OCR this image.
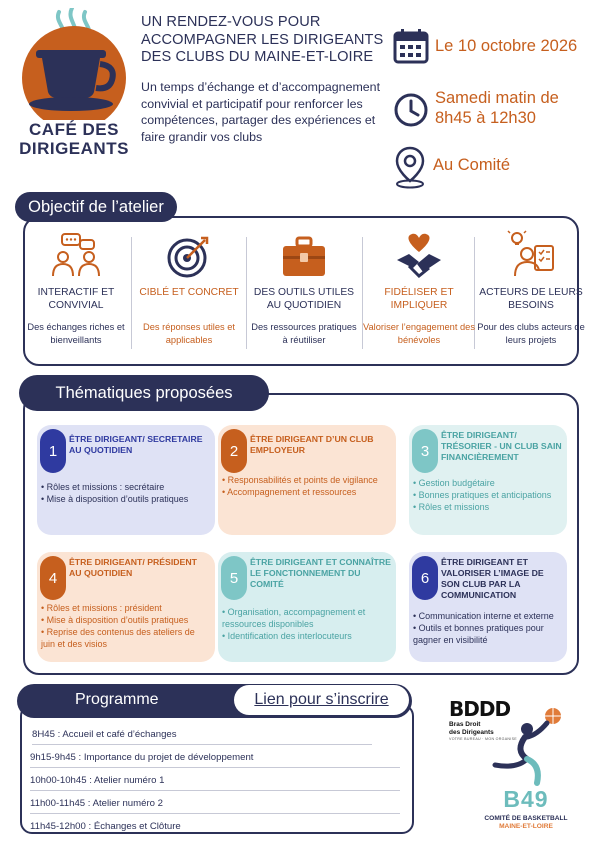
CAFÉ DES
DIRIGEANTS
UN RENDEZ-VOUS POUR ACCOMPAGNER LES DIRIGEANTS DES CLUBS DU MAINE-ET-LOIRE
Un temps d’échange et d’accompagnement convivial et participatif pour renforcer les compétences, partager des expériences et faire grandir vos clubs
Le 10 octobre 2026
Samedi matin de
8h45 à 12h30
Au Comité
Objectif de l’atelier
INTERACTIF ET CONVIVIAL
Des échanges riches et bienveillants
CIBLÉ ET CONCRET
Des réponses utiles et applicables
DES OUTILS UTILES AU QUOTIDIEN
Des ressources pratiques à réutiliser
FIDÉLISER ET IMPLIQUER
Valoriser l’engagement des bénévoles
ACTEURS DE LEURS BESOINS
Pour des clubs acteurs de leurs projets
Thématiques proposées
1
ÊTRE DIRIGEANT/ SECRETAIRE AU QUOTIDIEN
• Rôles et missions : secrétaire
• Mise à disposition d’outils pratiques
2
ÊTRE DIRIGEANT D’UN CLUB EMPLOYEUR
• Responsabilités et points de vigilance
• Accompagnement et ressources
3
ÊTRE DIRIGEANT/ TRÉSORIER - UN CLUB SAIN FINANCIÈREMENT
• Gestion budgétaire
• Bonnes pratiques et anticipations
• Rôles et missions
4
ÊTRE DIRIGEANT/ PRÉSIDENT AU QUOTIDIEN
• Rôles et missions : président
• Mise à disposition d’outils pratiques
• Reprise des contenus des ateliers de juin et des visios
5
ÊTRE DIRIGEANT ET CONNAÎTRE LE FONCTIONNEMENT DU COMITÉ
• Organisation, accompagnement et ressources disponibles
• Identification des interlocuteurs
6
ÊTRE DIRIGEANT ET VALORISER L’IMAGE DE SON CLUB PAR LA COMMUNICATION
• Communication interne et externe
• Outils et bonnes pratiques pour gagner en visibilité
Programme	Lien pour s’inscrire
8H45 : Accueil et café d’échanges
9h15-9h45 : Importance du projet de développement
10h00-10h45 : Atelier numéro 1
11h00-11h45 : Atelier numéro 2
11h45-12h00 : Échanges et Clôture
BDDD
Bras Droit
des Dirigeants
VOTRE BUREAU · MON ORGANISE
B49
COMITÉ DE BASKETBALL
MAINE-ET-LOIRE
